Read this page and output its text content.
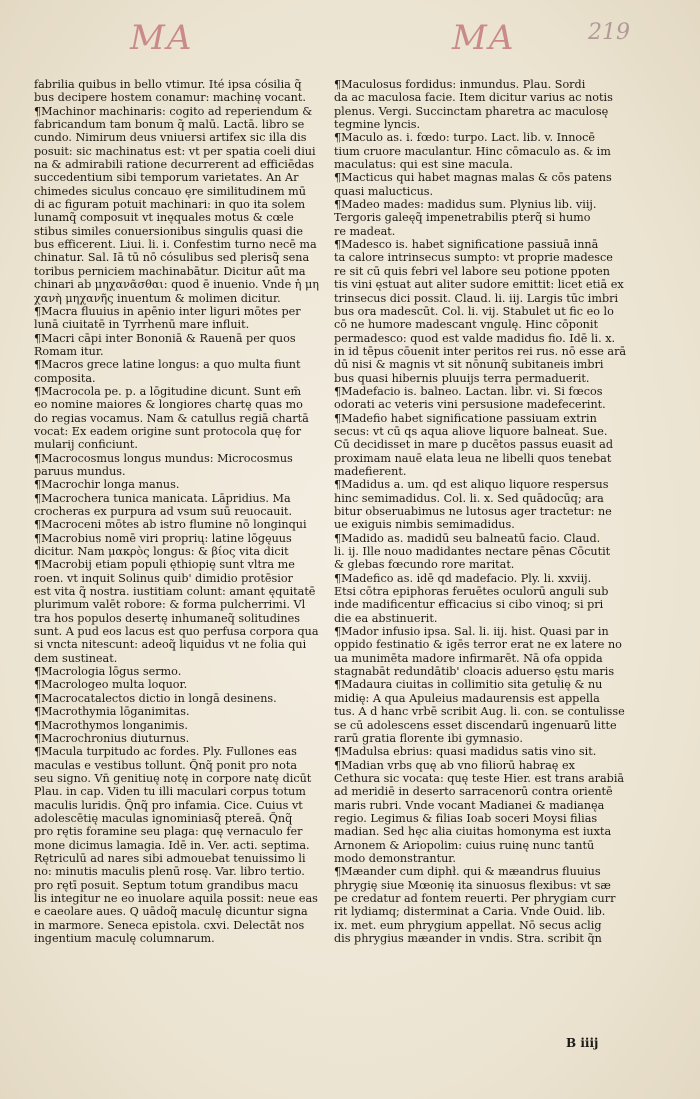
MA	MA	219
fabrilia quibus in bello vtimur. Ité ipsa cósilia q̃
bus decipere hostem conamur: machinę vocant.
¶Machinor machinaris: cogito ad reperiendum &
fabricandum tam bonum q̃ malū. Lactā. libro se
cundo. Nimirum deus vniuersi artifex sic illa dis
posuit: sic machinatus est: vt per spatia coeli diui
na & admirabili ratione decurrerent ad efficiēdas
succedentium sibi temporum varietates. An Ar
chimedes siculus concauo ęre similitudinem mū
di ac figuram potuit machinari: in quo ita solem
lunamq̃ composuit vt inęquales motus & cœle
stibus similes conuersionibus singulis quasi die
bus efficerent. Liui. li. i. Confestim turno necē ma
chinatur. Sal. Iā tū nō cósulibus sed plerisq̃ sena
toribus perniciem machinabātur. Dicitur aūt ma
chinari ab μηχανᾶσθαι: quod ē inuenio. Vnde ἡ μη
χανὴ μηχανῆς inuentum & molimen dicitur.
¶Macra fluuius in apēnio inter liguri mōtes per
lunā ciuitatē in Tyrrhenū mare influit.
¶Macri cāpi inter Bononiā & Rauenā per quos
Romam itur.
¶Macros grece latine longus: a quo multa fiunt
composita.
¶Macrocola pe. p. a lōgitudine dicunt. Sunt em̄
eo nomine maiores & longiores chartę quas mo
do regias vocamus. Nam & catullus regiā chartā
vocat: Ex eadem origine sunt protocola quę for
mularij conficiunt.
¶Macrocosmus longus mundus: Microcosmus
paruus mundus.
¶Macrochir longa manus.
¶Macrochera tunica manicata. Lāpridius. Ma
crocheras ex purpura ad vsum suū reuocauit.
¶Macroceni mōtes ab istro flumine nō longinqui
¶Macrobius nomē viri proprių: latine lōgęuus
dicitur. Nam μακρὸς longus: & βίος vita dicit
¶Macrobij etiam populi ęthiopię sunt vltra me
roen. vt inquit Solinus quib' dimidio protēsior
est vita q̃ nostra. iustitiam colunt: amant ęquitatē
plurimum valēt robore: & forma pulcherrimi. Vl
tra hos populos desertę inhumaneq̃ solitudines
sunt. A pud eos lacus est quo perfusa corpora qua
si vncta nitescunt: adeoq̃ liquidus vt ne folia qui
dem sustineat.
¶Macrologia lōgus sermo.
¶Macrologeo multa loquor.
¶Macrocatalectos dictio in longā desinens.
¶Macrothymia lōganimitas.
¶Macrothymos longanimis.
¶Macrochronius diuturnus.
¶Macula turpitudo ac fordes. Ply. Fullones eas
maculas e vestibus tollunt. Q̃nq̃ ponit pro nota
seu signo. Vn̄ genitiuę notę in corpore natę dicūt̄
Plau. in cap. Viden tu illi maculari corpus totum
maculis luridis. Q̃nq̃ pro infamia. Cice. Cuius vt
adolescētię maculas ignominiasq̃ ptereā. Q̃nq̃
pro rętis foramine seu plaga: quę vernaculo fer
mone dicimus lamagia. Idē in. Ver. acti. septima.
Rętriculū ad nares sibi admouebat tenuissimo li
no: minutis maculis plenū rosę. Var. libro tertio.
pro rętī posuit. Septum totum grandibus macu
lis integitur ne eo inuolare aquila possit: neue eas
e caeolare aues. Q uādoq̃ maculę dicuntur signa
in marmore. Seneca epistola. cxvi. Delectāt nos
ingentium maculę columnarum.
¶Maculosus fordidus: inmundus. Plau. Sordi
da ac maculosa facie. Item dicitur varius ac notis
plenus. Vergi. Succinctam pharetra ac maculosę
tegmine lyncis.
¶Maculo as. i. fœdo: turpo. Lact. lib. v. Innocē
tium cruore maculantur. Hinc cōmaculo as. & im
maculatus: qui est sine macula.
¶Macticus qui habet magnas malas & cōs patens
quasi malucticus.
¶Madeo mades: madidus sum. Plynius lib. viij.
Tergoris galeęq̃ impenetrabilis pterq̃ si humo
re madeat.
¶Madesco is. habet significatione passiuā innā
ta calore intrinsecus sumpto: vt proprie madesce
re sit cū quis febri vel labore seu potione ppoten
tis vini ęstuat aut aliter sudore emittit: licet etiā ex
trinsecus dici possit. Claud. li. iij. Largis tūc imbri
bus ora madescūt. Col. li. vij. Stabulet ut fic eo lo
cō ne humore madescant vngulę. Hinc cōponit
permadesco: quod est valde madidus fio. Idē li. x.
in id tēpus cōuenit inter peritos rei rus. nō esse arā
dū nisi & magnis vt sit nōnunq̃ subitaneis imbri
bus quasi hibernis pluuijs terra permaduerit.
¶Madefacio is. balneo. Lactan. libr. vi. Si fœcos
odorati ac veteris vini persusione madefecerint.
¶Madefio habet significatione passiuam extrin
secus: vt cū qs aqua aliove liquore balneat. Sue.
Cū decidisset in mare p ducētos passus euasit ad
proximam nauē elata leua ne libelli quos tenebat
madefierent.
¶Madidus a. um. qd est aliquo liquore respersus
hinc semimadidus. Col. li. x. Sed quādocūq; ara
bitur obseruabimus ne lutosus ager tractetur: ne
ue exiguis nimbis semimadidus.
¶Madido as. madidū seu balneatū facio. Claud.
li. ij. Ille nouo madidantes nectare pēnas Cōcutit
& glebas fœcundo rore maritat.
¶Madefico as. idē qd madefacio. Ply. li. xxviij.
Etsi cōtra epiphoras feruētes oculorū anguli sub
inde madificentur efficacius si cibo vinoq; si pri
die ea abstinuerit.
¶Mador infusio ipsa. Sal. li. iij. hist. Quasi par in
oppido festinatio & igēs terror erat ne ex latere no
ua munimēta madore infirmarēt. Nā ofa oppida
stagnabāt redundātib' cloacis aduerso ęstu maris
¶Madaura ciuitas in collimitio sita getulię & nu
midię: A qua Apuleius madaurensis est appella
tus. A d hanc vrbē scribit Aug. li. con. se contulisse
se cū adolescens esset discendarū ingenuarū litte
rarū gratia florente ibi gymnasio.
¶Madulsa ebrius: quasi madidus satis vino sit.
¶Madian vrbs quę ab vno filiorū habraę ex
Cethura sic vocata: quę teste Hier. est trans arabiā
ad meridiē in deserto sarracenorū contra orientē
maris rubri. Vnde vocant̄ Madianei & madianęa
regio. Legimus & filias Ioab soceri Moysi filias
madian. Sed hęc alia ciuitas homonyma est iuxta
Arnonem & Ariopolim: cuius ruinę nunc tantū
modo demonstrantur.
¶Mæander cum diphł. qui & mæandrus fluuius
phrygię siue Mœonię ita sinuosus flexibus: vt sæ
pe credatur ad fontem reuerti. Per phrygiam curr
rit lydiamq; disterminat a Caria. Vnde Ouid. lib.
ix. met. eum phrygium appellat. Nō secus aclig
dis phrygius mæander in vndis. Stra. scribit q̃n
B iiij
